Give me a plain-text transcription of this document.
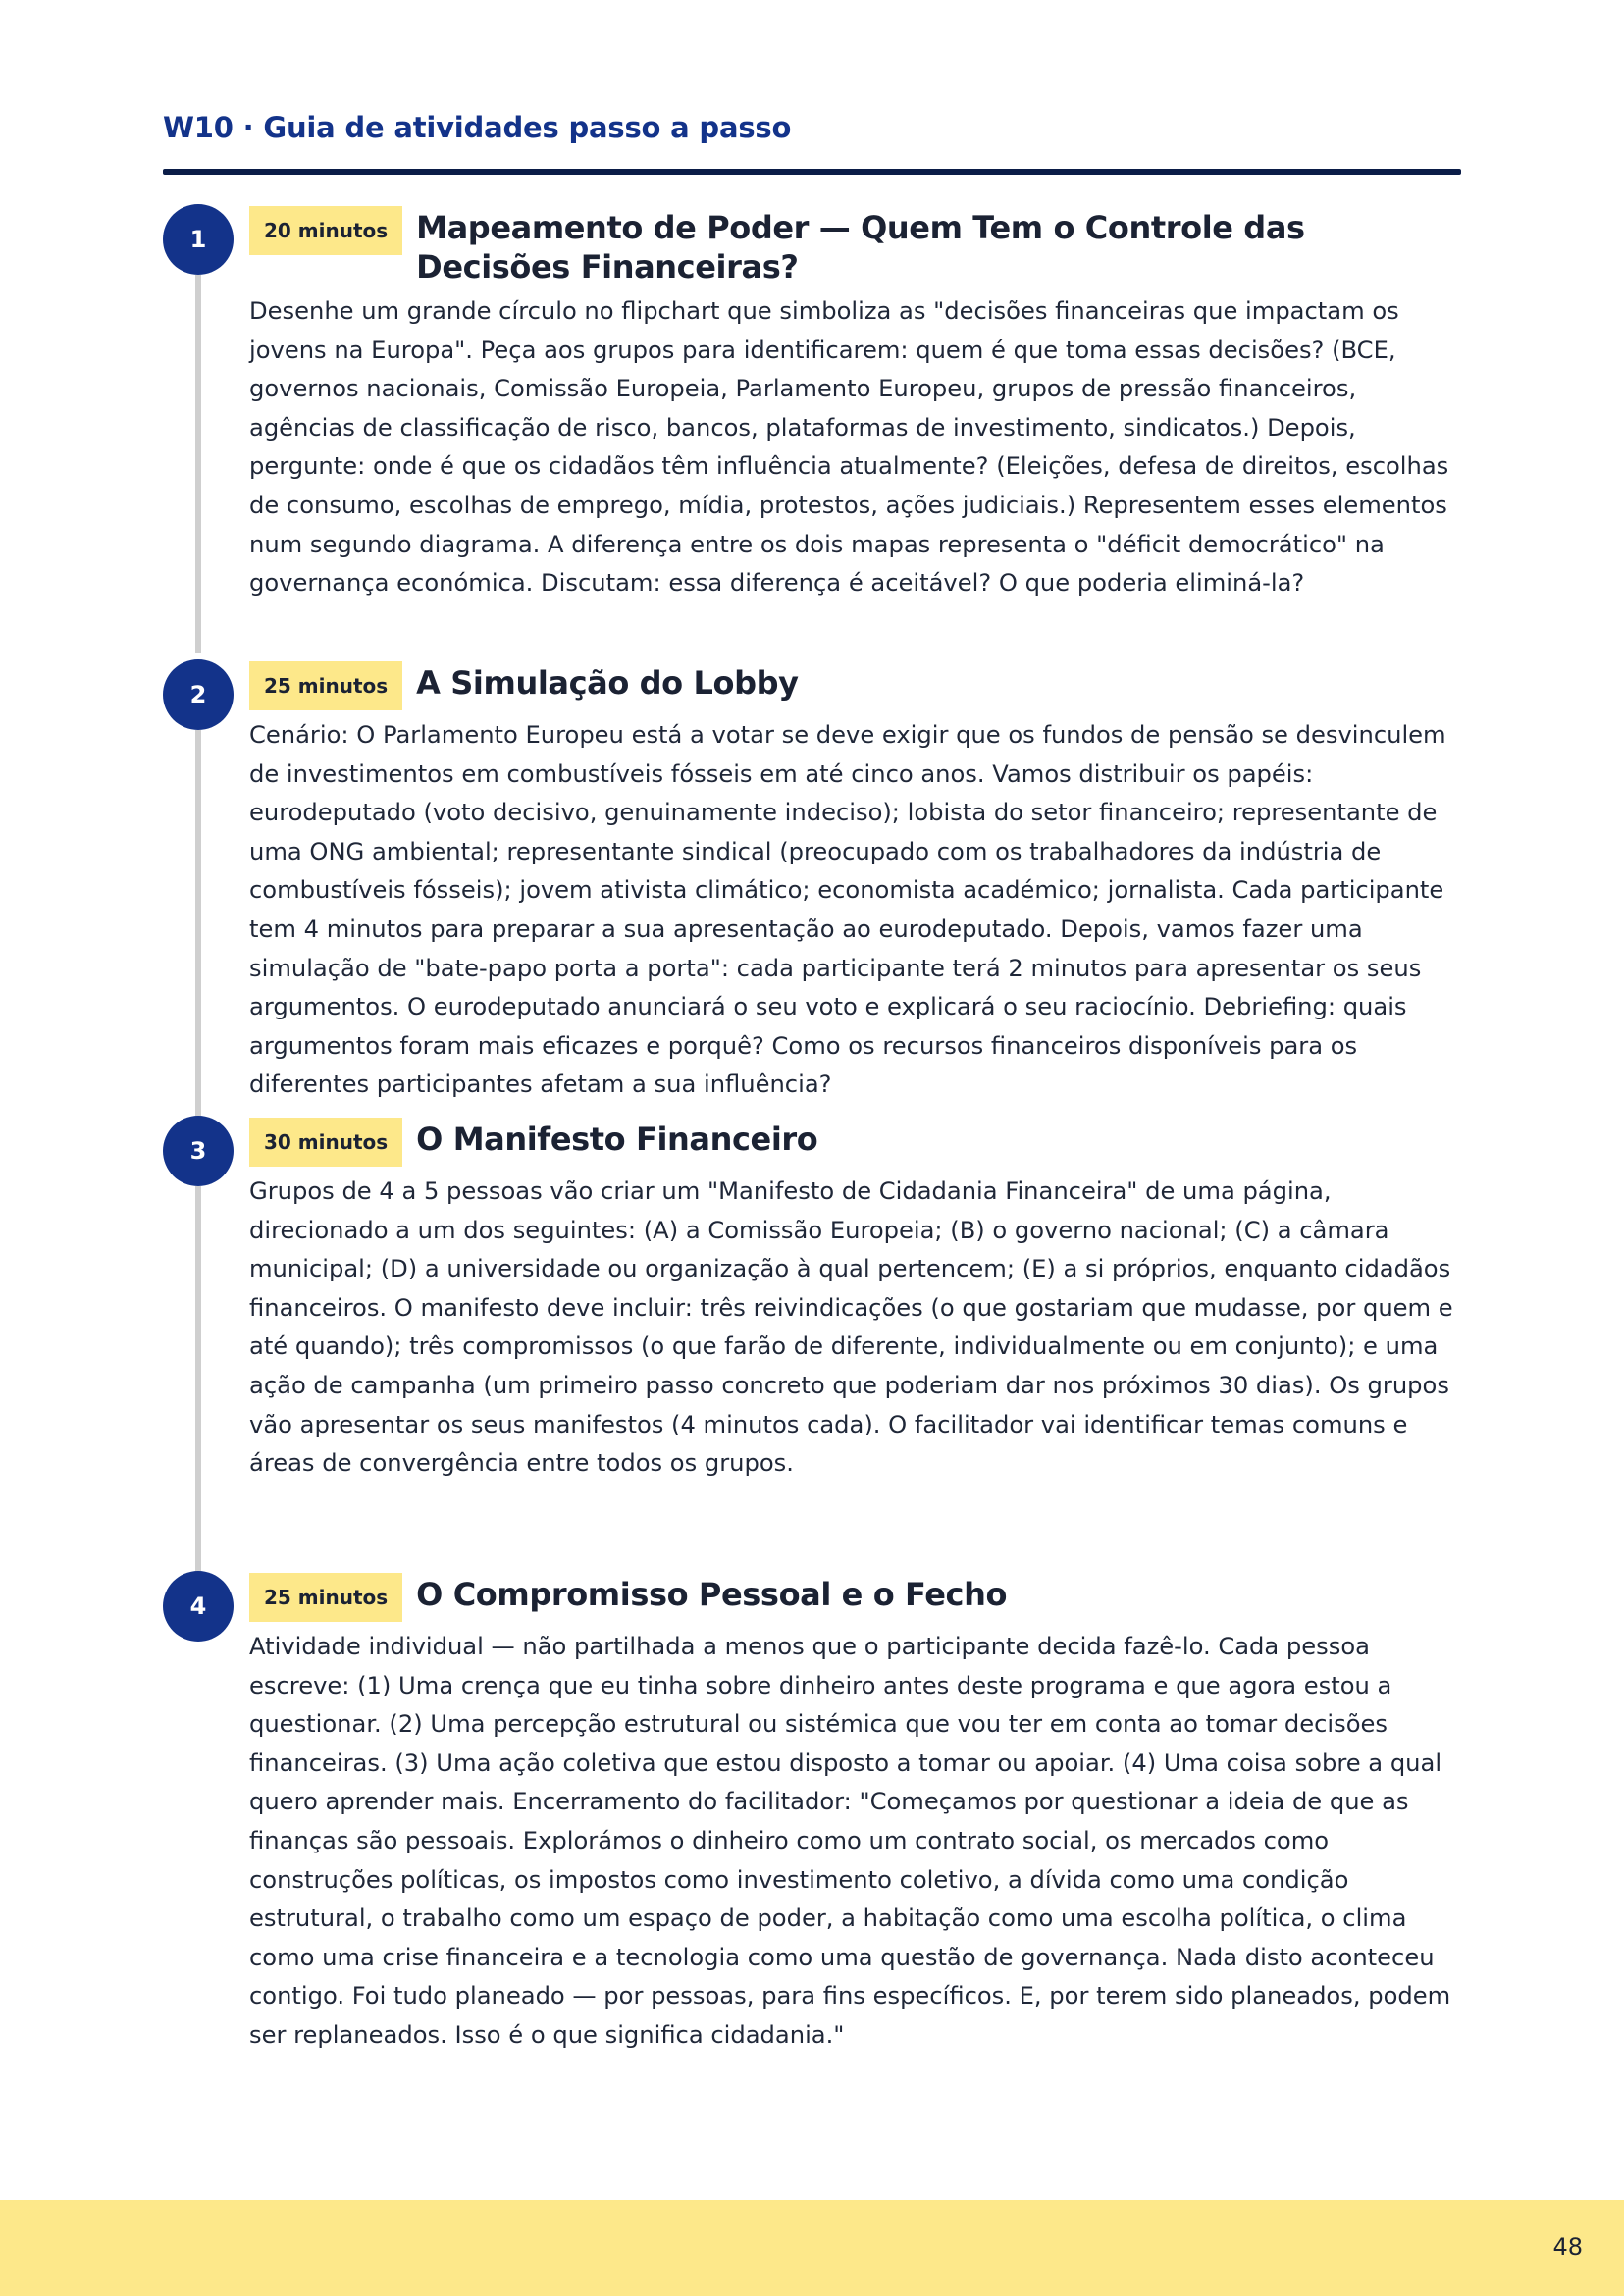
W10 · Guia de atividades passo a passo
1	20 minutos Mapeamento de Poder — Quem Tem o Controle das Decisões Financeiras?

Desenhe um grande círculo no flipchart que simboliza as "decisões financeiras que impactam os jovens na Europa". Peça aos grupos para identificarem: quem é que toma essas decisões? (BCE, governos nacionais, Comissão Europeia, Parlamento Europeu, grupos de pressão financeiros, agências de classificação de risco, bancos, plataformas de investimento, sindicatos.) Depois, pergunte: onde é que os cidadãos têm influência atualmente? (Eleições, defesa de direitos, escolhas de consumo, escolhas de emprego, mídia, protestos, ações judiciais.) Representem esses elementos num segundo diagrama. A diferença entre os dois mapas representa o "déficit democrático" na governança económica. Discutam: essa diferença é aceitável? O que poderia eliminá-la?

2	25 minutos A Simulação do Lobby

Cenário: O Parlamento Europeu está a votar se deve exigir que os fundos de pensão se desvinculem de investimentos em combustíveis fósseis em até cinco anos. Vamos distribuir os papéis: eurodeputado (voto decisivo, genuinamente indeciso); lobista do setor financeiro; representante de uma ONG ambiental; representante sindical (preocupado com os trabalhadores da indústria de combustíveis fósseis); jovem ativista climático; economista académico; jornalista. Cada participante tem 4 minutos para preparar a sua apresentação ao eurodeputado. Depois, vamos fazer uma simulação de "bate-papo porta a porta": cada participante terá 2 minutos para apresentar os seus argumentos. O eurodeputado anunciará o seu voto e explicará o seu raciocínio. Debriefing: quais argumentos foram mais eficazes e porquê? Como os recursos financeiros disponíveis para os diferentes participantes afetam a sua influência?

3	30 minutos O Manifesto Financeiro

Grupos de 4 a 5 pessoas vão criar um "Manifesto de Cidadania Financeira" de uma página, direcionado a um dos seguintes: (A) a Comissão Europeia; (B) o governo nacional; (C) a câmara municipal; (D) a universidade ou organização à qual pertencem; (E) a si próprios, enquanto cidadãos financeiros. O manifesto deve incluir: três reivindicações (o que gostariam que mudasse, por quem e até quando); três compromissos (o que farão de diferente, individualmente ou em conjunto); e uma ação de campanha (um primeiro passo concreto que poderiam dar nos próximos 30 dias). Os grupos vão apresentar os seus manifestos (4 minutos cada). O facilitador vai identificar temas comuns e áreas de convergência entre todos os grupos.

4	25 minutos O Compromisso Pessoal e o Fecho

Atividade individual — não partilhada a menos que o participante decida fazê-lo. Cada pessoa escreve: (1) Uma crença que eu tinha sobre dinheiro antes deste programa e que agora estou a questionar. (2) Uma percepção estrutural ou sistémica que vou ter em conta ao tomar decisões financeiras. (3) Uma ação coletiva que estou disposto a tomar ou apoiar. (4) Uma coisa sobre a qual quero aprender mais. Encerramento do facilitador: "Começamos por questionar a ideia de que as finanças são pessoais. Explorámos o dinheiro como um contrato social, os mercados como construções políticas, os impostos como investimento coletivo, a dívida como uma condição estrutural, o trabalho como um espaço de poder, a habitação como uma escolha política, o clima como uma crise financeira e a tecnologia como uma questão de governança. Nada disto aconteceu contigo. Foi tudo planeado — por pessoas, para fins específicos. E, por terem sido planeados, podem ser replaneados. Isso é o que significa cidadania."

48
